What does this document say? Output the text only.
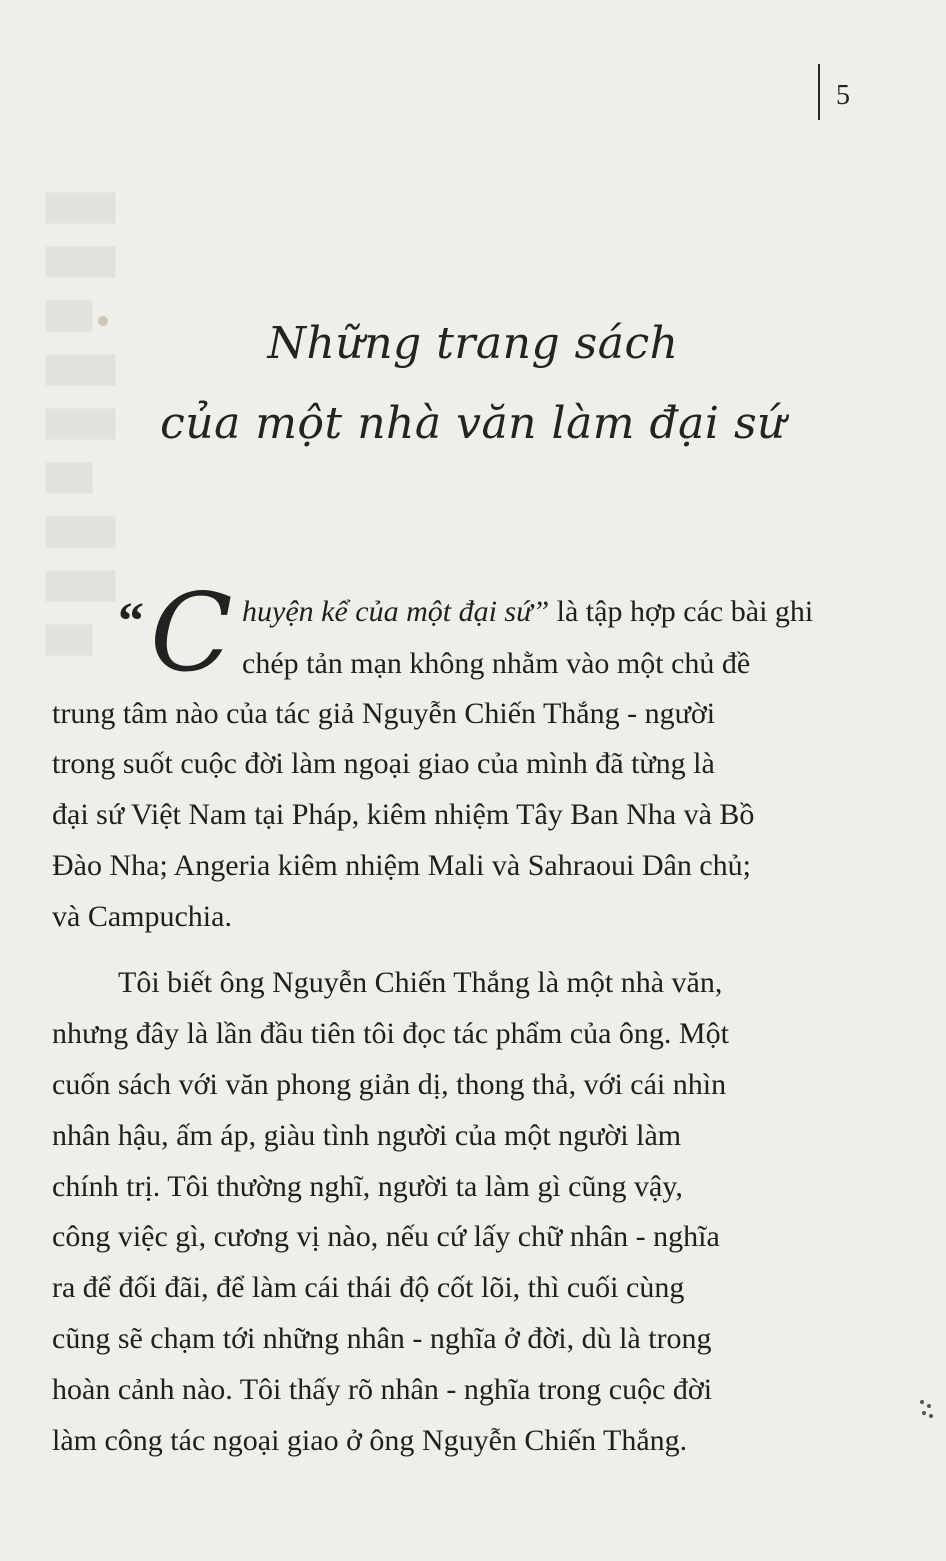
▇▇▇
▇▇▇
▇▇
▇▇▇
▇▇▇
▇▇
▇▇▇
▇▇▇
▇▇
5
Những trang sách
của một nhà văn làm đại sứ
“ C huyện kể của một đại sứ” là tập hợp các bài ghi
chép tản mạn không nhằm vào một chủ đề
trung tâm nào của tác giả Nguyễn Chiến Thắng - người
trong suốt cuộc đời làm ngoại giao của mình đã từng là
đại sứ Việt Nam tại Pháp, kiêm nhiệm Tây Ban Nha và Bồ
Đào Nha; Angeria kiêm nhiệm Mali và Sahraoui Dân chủ;
và Campuchia.
Tôi biết ông Nguyễn Chiến Thắng là một nhà văn,
nhưng đây là lần đầu tiên tôi đọc tác phẩm của ông. Một
cuốn sách với văn phong giản dị, thong thả, với cái nhìn
nhân hậu, ấm áp, giàu tình người của một người làm
chính trị. Tôi thường nghĩ, người ta làm gì cũng vậy,
công việc gì, cương vị nào, nếu cứ lấy chữ nhân - nghĩa
ra để đối đãi, để làm cái thái độ cốt lõi, thì cuối cùng
cũng sẽ chạm tới những nhân - nghĩa ở đời, dù là trong
hoàn cảnh nào. Tôi thấy rõ nhân - nghĩa trong cuộc đời
làm công tác ngoại giao ở ông Nguyễn Chiến Thắng.
